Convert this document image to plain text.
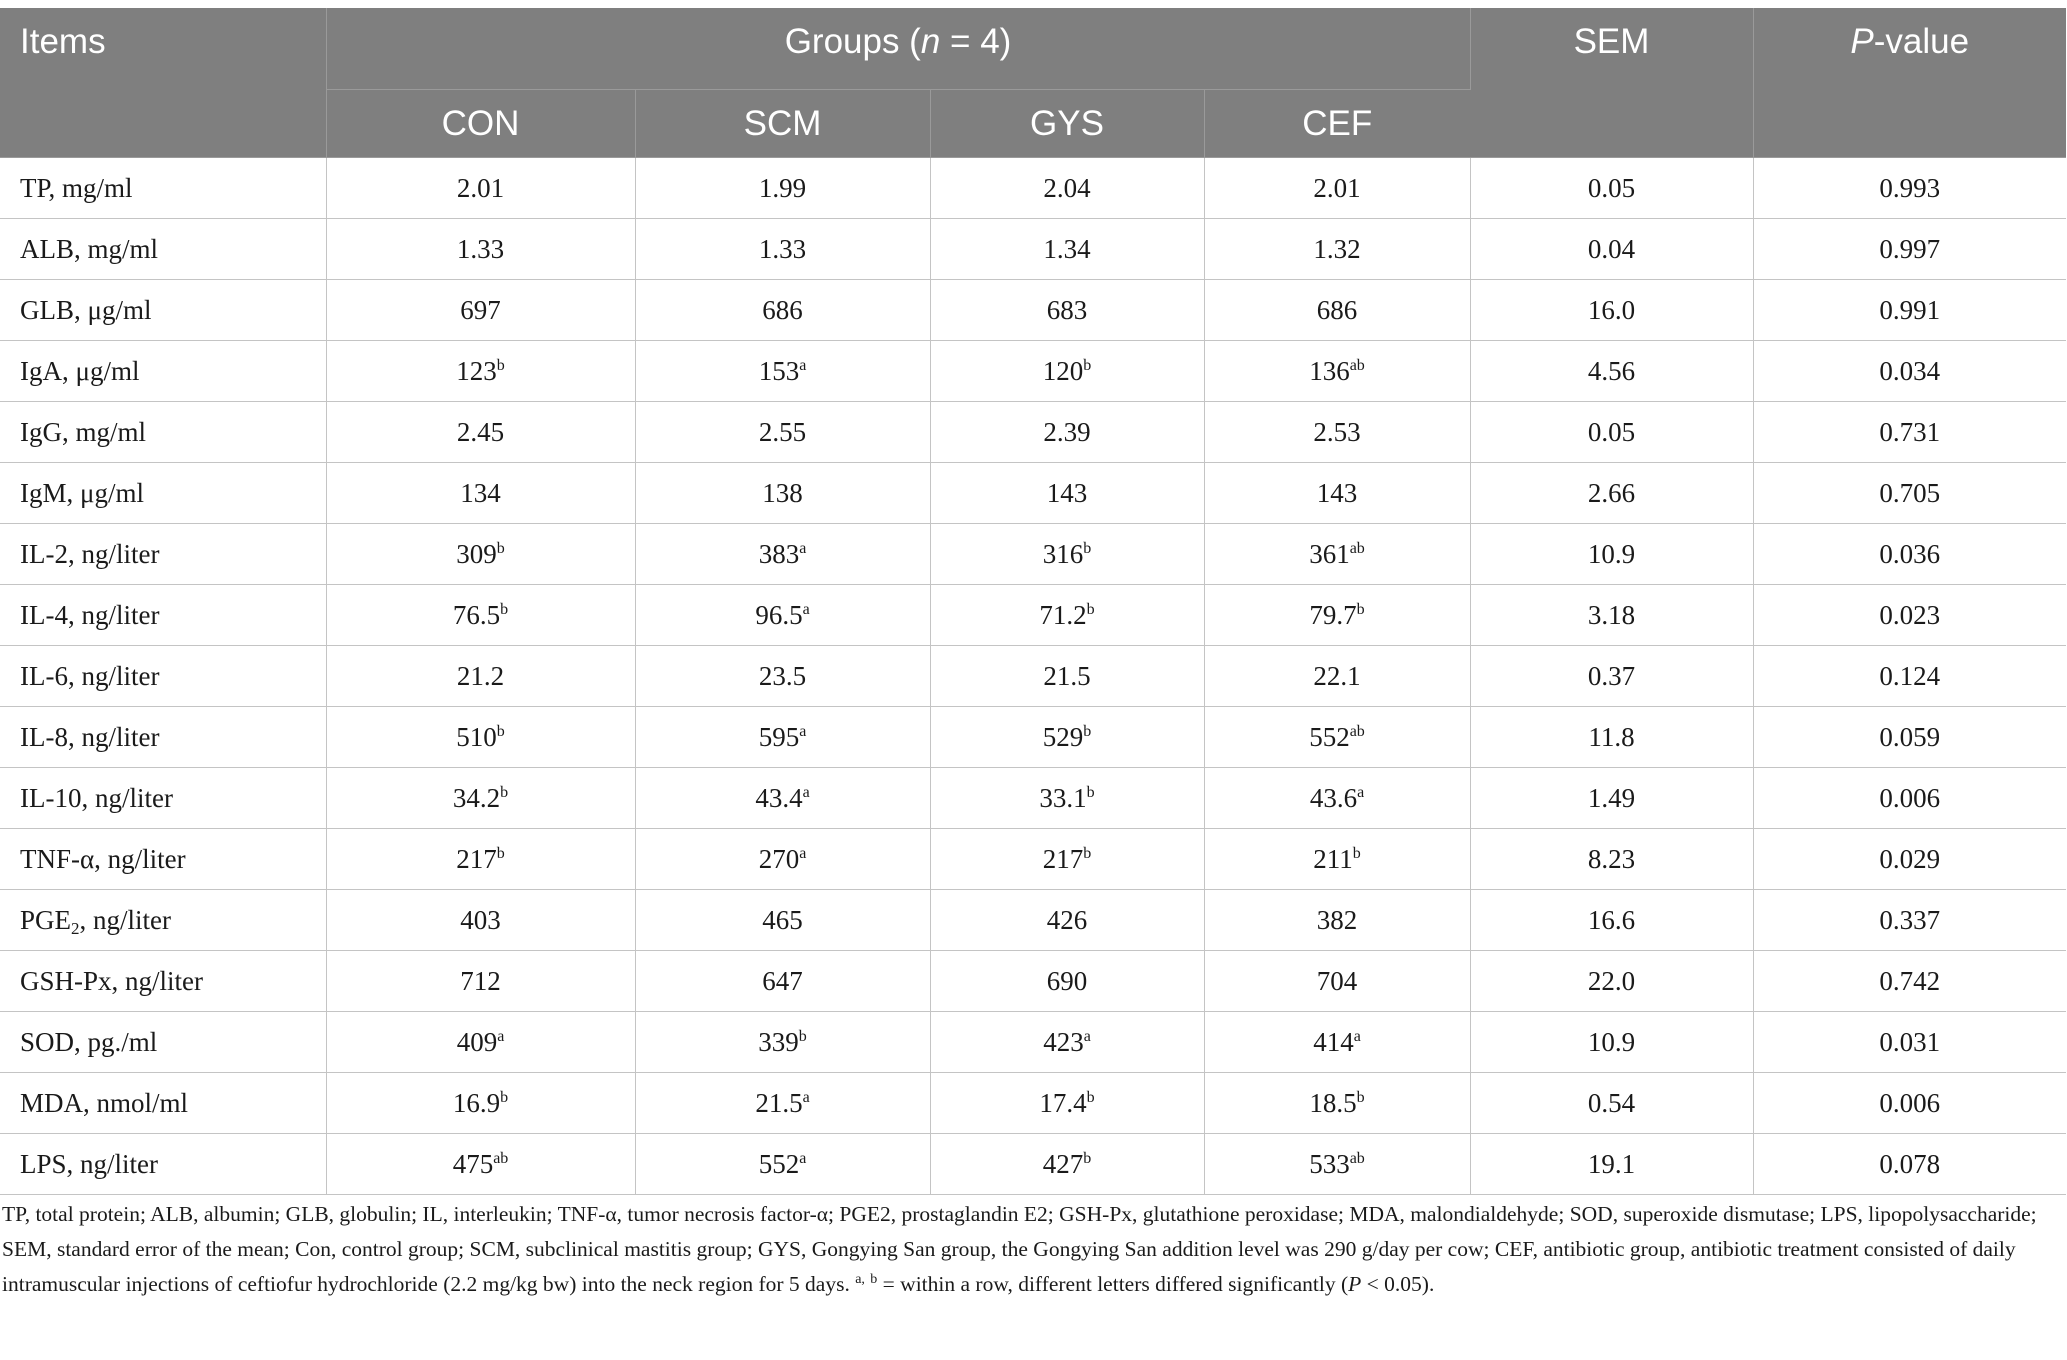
Items	Groups (n = 4)				SEM	P-value
	CON	SCM	GYS	CEF		
TP, mg/ml	2.01	1.99	2.04	2.01	0.05	0.993
ALB, mg/ml	1.33	1.33	1.34	1.32	0.04	0.997
GLB, μg/ml	697	686	683	686	16.0	0.991
IgA, μg/ml	123$^b$	153$^a$	120$^b$	$136^{ab}$	4.56	0.034
IgG, mg/ml	2.45	2.55	2.39	2.53	0.05	0.731
IgM, μg/ml	134	138	143	143	2.66	0.705
IL-2, ng/liter	309$^b$	383$^a$	316$^b$	$361^{ab}$	10.9	0.036
IL-4, ng/liter	76.5$^b$	96.5$^a$	71.2$^b$	79.7$^b$	3.18	0.023
IL-6, ng/liter	21.2	23.5	21.5	22.1	0.37	0.124
IL-8, ng/liter	510$^b$	595$^a$	529$^b$	$552^{ab}$	11.8	0.059
IL-10, ng/liter	34.2$^b$	43.4$^a$	33.1$^b$	43.6$^a$	1.49	0.006
TNF-α, ng/liter	217$^b$	270$^a$	217$^b$	211$^b$	8.23	0.029
$PGE_2$, ng/liter	403	465	426	382	16.6	0.337
GSH-Px, ng/liter	712	647	690	704	22.0	0.742
SOD, pg./ml	409$^a$	339$^b$	423$^a$	414$^a$	10.9	0.031
MDA, nmol/ml	16.9$^b$	21.5$^a$	17.4$^b$	18.5$^b$	0.54	0.006
LPS, ng/liter	$475^{ab}$	552$^a$	427$^b$	$533^{ab}$	19.1	0.078
TP, total protein; ALB, albumin; GLB, globulin; IL, interleukin; TNF-α, tumor necrosis factor-α; PGE2, prostaglandin E2; GSH-Px, glutathione peroxidase; MDA, malondialdehyde; SOD, superoxide dismutase; LPS, lipopolysaccharide; SEM, standard error of the mean; Con, control group; SCM, subclinical mastitis group; GYS, Gongying San group, the Gongying San addition level was 290 g/day per cow; CEF, antibiotic group, antibiotic treatment consisted of daily intramuscular injections of ceftiofur hydrochloride (2.2 mg/kg bw) into the neck region for 5 days. $^{a,}$ $^b$ = within a row, different letters differed significantly (P < 0.05).
